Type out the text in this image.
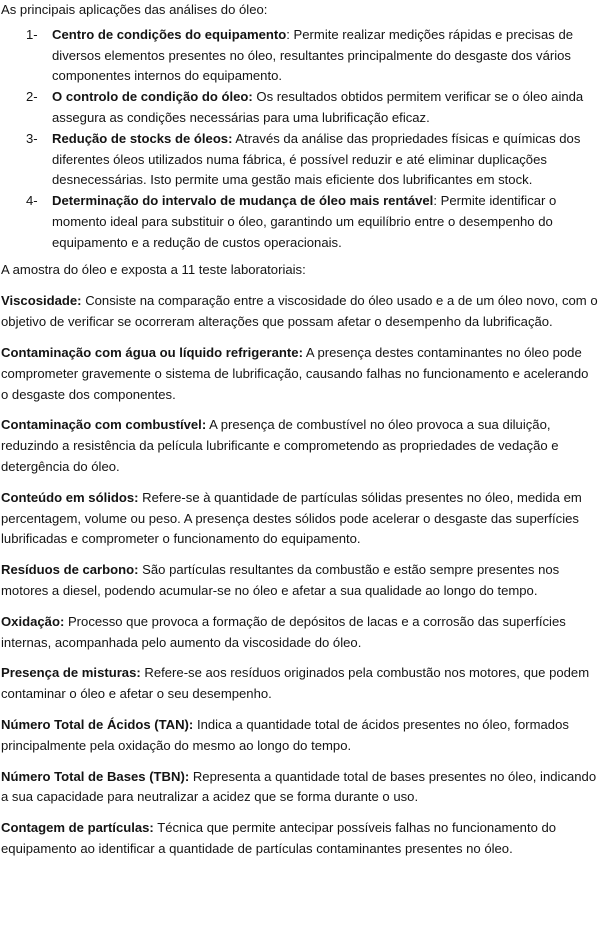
As principais aplicações das análises do óleo:

1-	Centro de condições do equipamento: Permite realizar medições rápidas e precisas de diversos elementos presentes no óleo, resultantes principalmente do desgaste dos vários componentes internos do equipamento.
2-	O controlo de condição do óleo: Os resultados obtidos permitem verificar se o óleo ainda assegura as condições necessárias para uma lubrificação eficaz.
3-	Redução de stocks de óleos: Através da análise das propriedades físicas e químicas dos diferentes óleos utilizados numa fábrica, é possível reduzir e até eliminar duplicações desnecessárias. Isto permite uma gestão mais eficiente dos lubrificantes em stock.
4-	Determinação do intervalo de mudança de óleo mais rentável: Permite identificar o momento ideal para substituir o óleo, garantindo um equilíbrio entre o desempenho do equipamento e a redução de custos operacionais.

A amostra do óleo e exposta a 11 teste laboratoriais:

Viscosidade: Consiste na comparação entre a viscosidade do óleo usado e a de um óleo novo, com o objetivo de verificar se ocorreram alterações que possam afetar o desempenho da lubrificação.

Contaminação com água ou líquido refrigerante: A presença destes contaminantes no óleo pode comprometer gravemente o sistema de lubrificação, causando falhas no funcionamento e acelerando o desgaste dos componentes.

Contaminação com combustível: A presença de combustível no óleo provoca a sua diluição, reduzindo a resistência da película lubrificante e comprometendo as propriedades de vedação e detergência do óleo.

Conteúdo em sólidos: Refere-se à quantidade de partículas sólidas presentes no óleo, medida em percentagem, volume ou peso. A presença destes sólidos pode acelerar o desgaste das superfícies lubrificadas e comprometer o funcionamento do equipamento.

Resíduos de carbono: São partículas resultantes da combustão e estão sempre presentes nos motores a diesel, podendo acumular-se no óleo e afetar a sua qualidade ao longo do tempo.

Oxidação: Processo que provoca a formação de depósitos de lacas e a corrosão das superfícies internas, acompanhada pelo aumento da viscosidade do óleo.

Presença de misturas: Refere-se aos resíduos originados pela combustão nos motores, que podem contaminar o óleo e afetar o seu desempenho.

Número Total de Ácidos (TAN): Indica a quantidade total de ácidos presentes no óleo, formados principalmente pela oxidação do mesmo ao longo do tempo.

Número Total de Bases (TBN): Representa a quantidade total de bases presentes no óleo, indicando a sua capacidade para neutralizar a acidez que se forma durante o uso.

Contagem de partículas: Técnica que permite antecipar possíveis falhas no funcionamento do equipamento ao identificar a quantidade de partículas contaminantes presentes no óleo.
